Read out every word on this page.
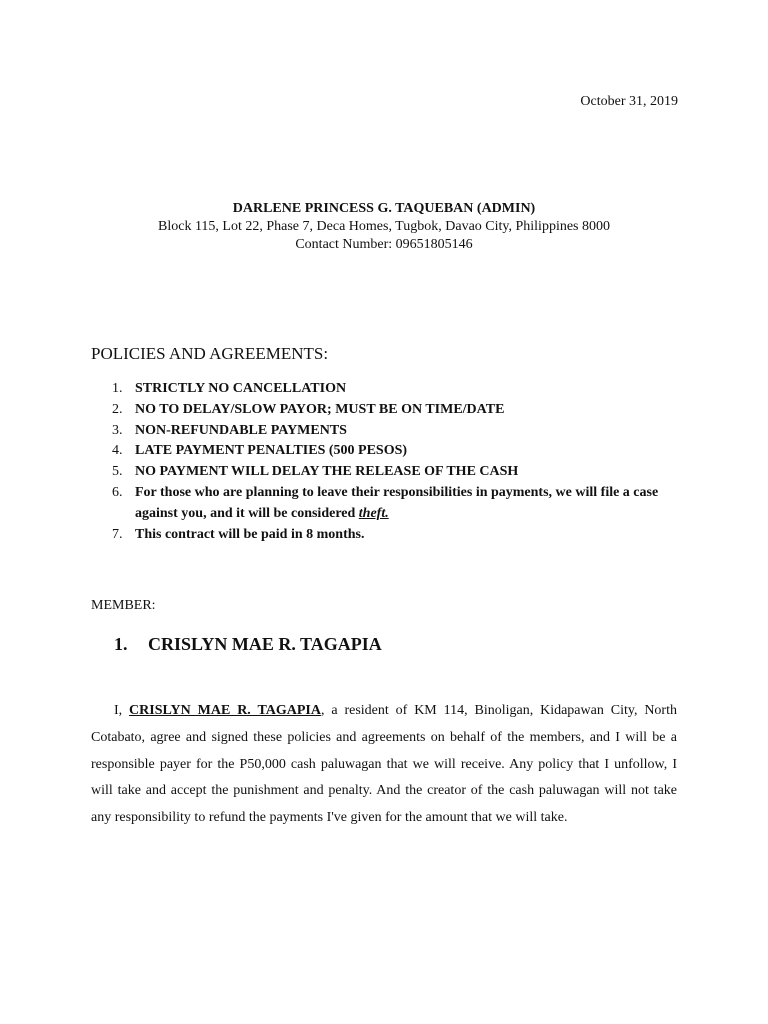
October 31, 2019
DARLENE PRINCESS G. TAQUEBAN (ADMIN)
Block 115, Lot 22, Phase 7, Deca Homes, Tugbok, Davao City, Philippines 8000
Contact Number: 09651805146
POLICIES AND AGREEMENTS:
1. STRICTLY NO CANCELLATION
2. NO TO DELAY/SLOW PAYOR; MUST BE ON TIME/DATE
3. NON-REFUNDABLE PAYMENTS
4. LATE PAYMENT PENALTIES (500 PESOS)
5. NO PAYMENT WILL DELAY THE RELEASE OF THE CASH
6. For those who are planning to leave their responsibilities in payments, we will file a case against you, and it will be considered theft.
7. This contract will be paid in 8 months.
MEMBER:
1. CRISLYN MAE R. TAGAPIA

I, CRISLYN MAE R. TAGAPIA, a resident of KM 114, Binoligan, Kidapawan City, North Cotabato, agree and signed these policies and agreements on behalf of the members, and I will be a responsible payer for the P50,000 cash paluwagan that we will receive. Any policy that I unfollow, I will take and accept the punishment and penalty. And the creator of the cash paluwagan will not take any responsibility to refund the payments I've given for the amount that we will take.
